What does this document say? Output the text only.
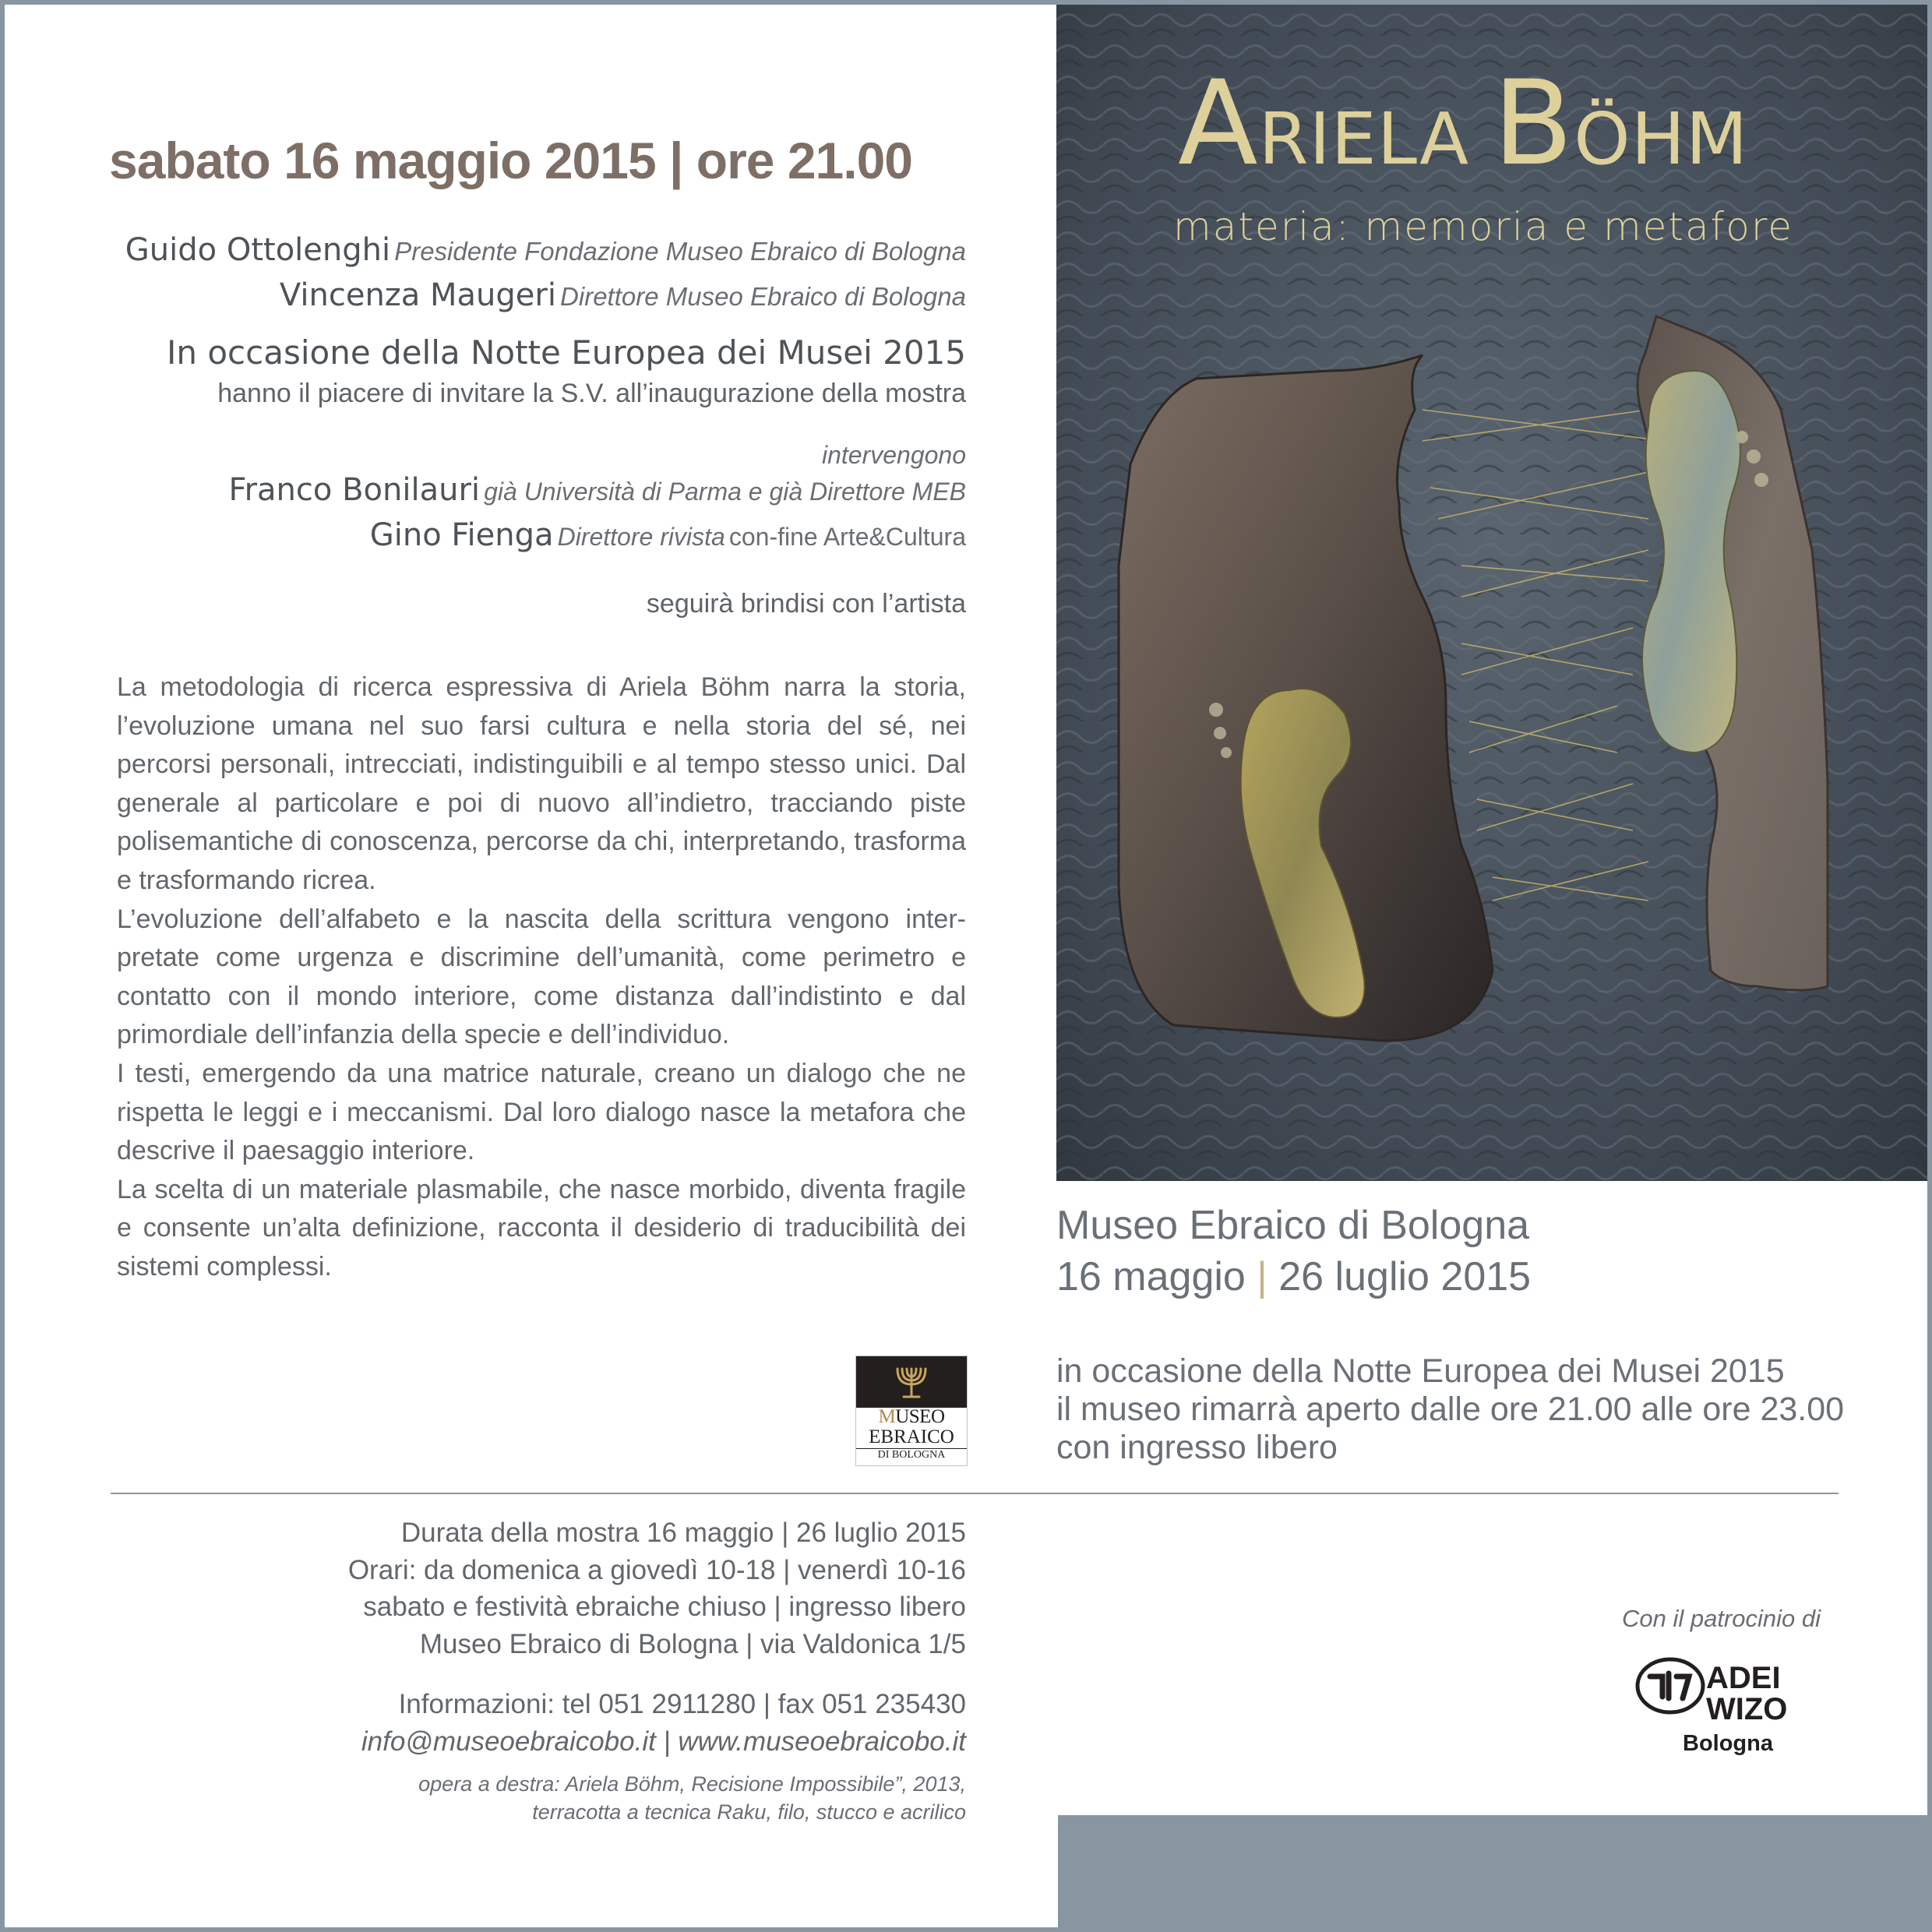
sabato 16 maggio 2015 | ore 21.00
Guido Ottolenghi Presidente Fondazione Museo Ebraico di Bologna
Vincenza Maugeri Direttore Museo Ebraico di Bologna
In occasione della Notte Europea dei Musei 2015
hanno il piacere di invitare la S.V. all’inaugurazione della mostra
intervengono
Franco Bonilauri già Università di Parma e già Direttore MEB
Gino Fienga Direttore rivista con-fine Arte&Cultura
seguirà brindisi con l’artista

La metodologia di ricerca espressiva di Ariela Böhm narra la storia, l’evoluzione umana nel suo farsi cultura e nella storia del sé, nei percorsi personali, intrecciati, indistinguibili e al tempo stesso unici. Dal generale al particolare e poi di nuovo all’indietro, tracciando piste polisemantiche di conoscenza, percorse da chi, interpretando, trasforma e trasformando ricrea.

L’evoluzione dell’alfabeto e la nascita della scrittura vengono interpretate come urgenza e discrimine dell’umanità, come perimetro e contatto con il mondo interiore, come distanza dall’indistinto e dal primordiale dell’infanzia della specie e dell’individuo.

I testi, emergendo da una matrice naturale, creano un dialogo che ne rispetta le leggi e i meccanismi. Dal loro dialogo nasce la metafora che descrive il paesaggio interiore.

La scelta di un materiale plasmabile, che nasce morbido, diventa fragile e consente un’alta definizione, racconta il desiderio di traducibilità dei sistemi complessi.

MUSEO
EBRAICO
DI BOLOGNA
Durata della mostra 16 maggio | 26 luglio 2015
Orari: da domenica a giovedì 10-18 | venerdì 10-16
sabato e festività ebraiche chiuso | ingresso libero
Museo Ebraico di Bologna | via Valdonica 1/5
Informazioni: tel 051 2911280 | fax 051 235430
info@museoebraicobo.it | www.museoebraicobo.it
opera a destra: Ariela Böhm, Recisione Impossibile”, 2013,
terracotta a tecnica Raku, filo, stucco e acrilico
ARIELA BÖHM
materia: memoria e metafore
Museo Ebraico di Bologna
16 maggio | 26 luglio 2015
in occasione della Notte Europea dei Musei 2015
il museo rimarrà aperto dalle ore 21.00 alle ore 23.00
con ingresso libero
Con il patrocinio di
ADEI
WIZO
Bologna
